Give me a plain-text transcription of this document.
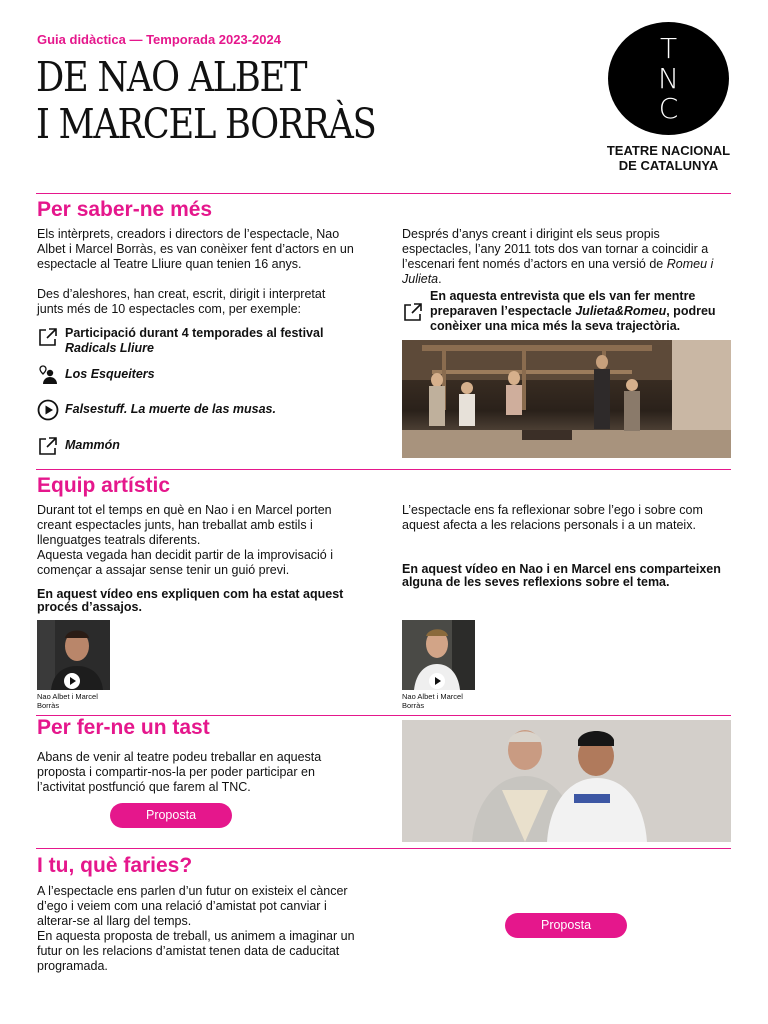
Guia didàctica — Temporada 2023-2024
DE NAO ALBET
I MARCEL BORRÀS
T
N
C
TEATRE NACIONAL
DE CATALUNYA
Per saber-ne més
Els intèrprets, creadors i directors de l’espectacle, Nao Albet i Marcel Borràs, es van conèixer fent d’actors en un espectacle al Teatre Lliure quan tenien 16 anys.
Des d’aleshores, han creat, escrit, dirigit i interpretat junts més de 10 espectacles com, per exemple:
Participació durant 4 temporades al festival
Radicals Lliure
Los Esqueiters
Falsestuff. La muerte de las musas.
Mammón
Després d’anys creant i dirigint els seus propis espectacles, l’any 2011 tots dos van tornar a coincidir a l’escenari fent només d’actors en una versió de Romeu i Julieta.
En aquesta entrevista que els van fer mentre preparaven l’espectacle Julieta&Romeu, podreu conèixer una mica més la seva trajectòria.
Equip artístic
Durant tot el temps en què en Nao i en Marcel porten creant espectacles junts, han treballat amb estils i llenguatges teatrals diferents.
Aquesta vegada han decidit partir de la improvisació i començar a assajar sense tenir un guió previ.
En aquest vídeo ens expliquen com ha estat aquest procés d’assajos.
Nao Albet i Marcel Borràs
L’espectacle ens fa reflexionar sobre l’ego i sobre com aquest afecta a les relacions personals i a un mateix.
En aquest vídeo en Nao i en Marcel ens comparteixen alguna de les seves reflexions sobre el tema.
Nao Albet i Marcel Borràs
Per fer-ne un tast
Abans de venir al teatre podeu treballar en aquesta proposta i compartir-nos-la per poder participar en l’activitat postfunció que farem al TNC.
Proposta
I tu, què faries?
A l’espectacle ens parlen d’un futur on existeix el càncer d’ego i veiem com una relació d’amistat pot canviar i alterar-se al llarg del temps.
En aquesta proposta de treball, us animem a imaginar un futur on les relacions d’amistat tenen data de caducitat programada.
Proposta
